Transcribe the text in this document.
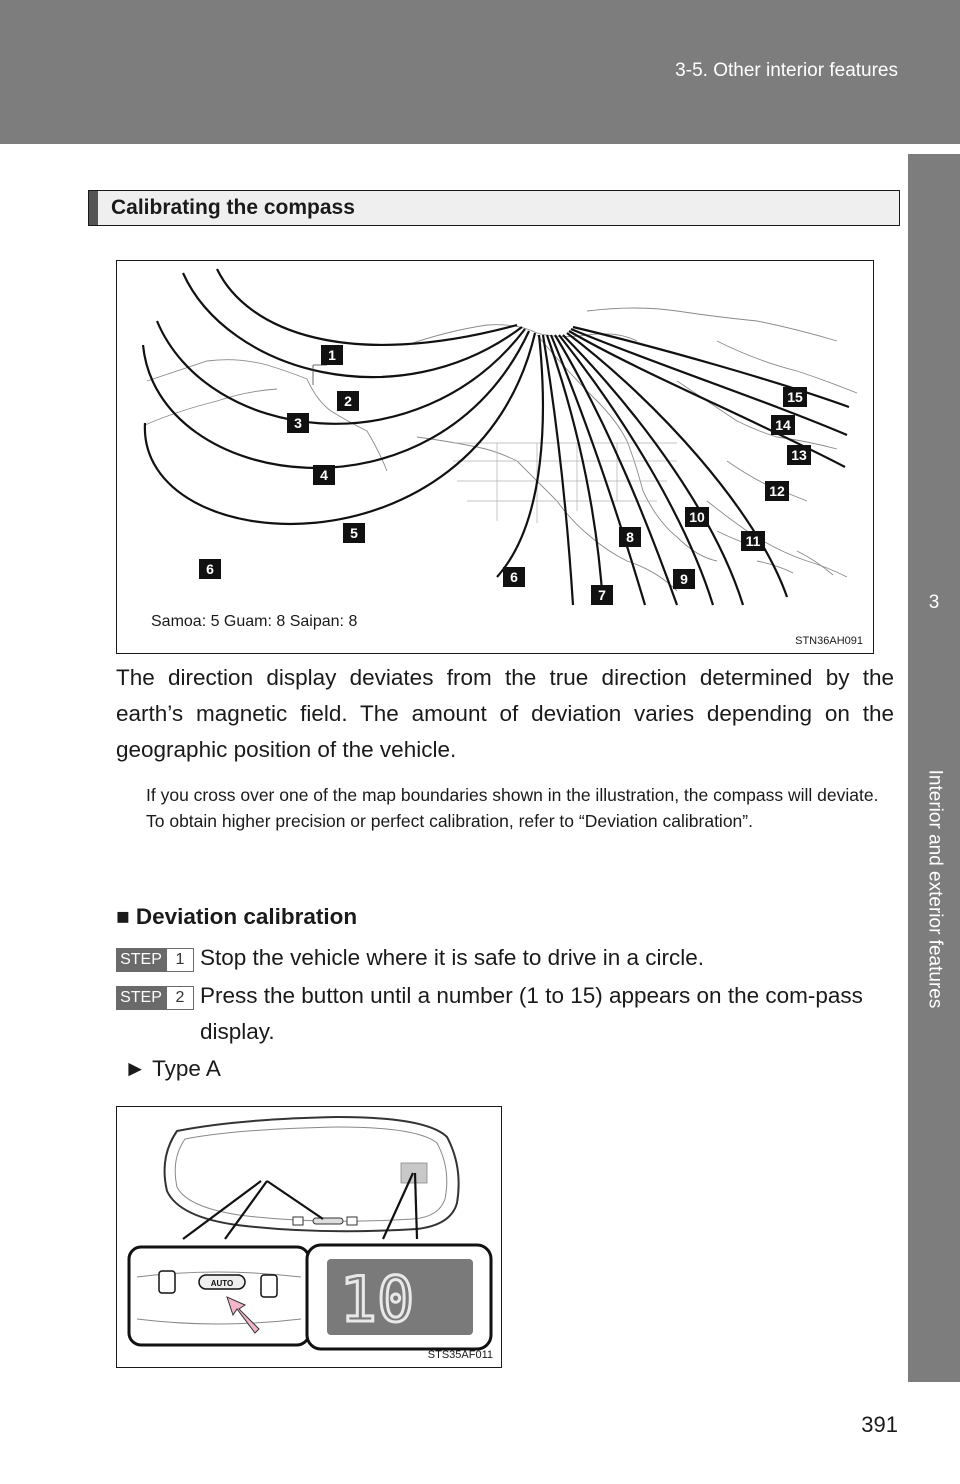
3-5. Other interior features
3
Interior and exterior features
Calibrating the compass
1
2
3
4
5
6	6
7
8
9
10
11
12
13
14
15
Samoa: 5 Guam: 8 Saipan: 8
STN36AH091
The direction display deviates from the true direction determined by the earth’s magnetic field. The amount of deviation varies depending on the geographic position of the vehicle.
If you cross over one of the map boundaries shown in the illustration, the compass will deviate.
To obtain higher precision or perfect calibration, refer to “Deviation calibration”.
■ Deviation calibration
STEP 1 Stop the vehicle where it is safe to drive in a circle.
STEP 2 Press the button until a number (1 to 15) appears on the com-pass display.
► Type A
AUTO 10
STS35AF011
391
